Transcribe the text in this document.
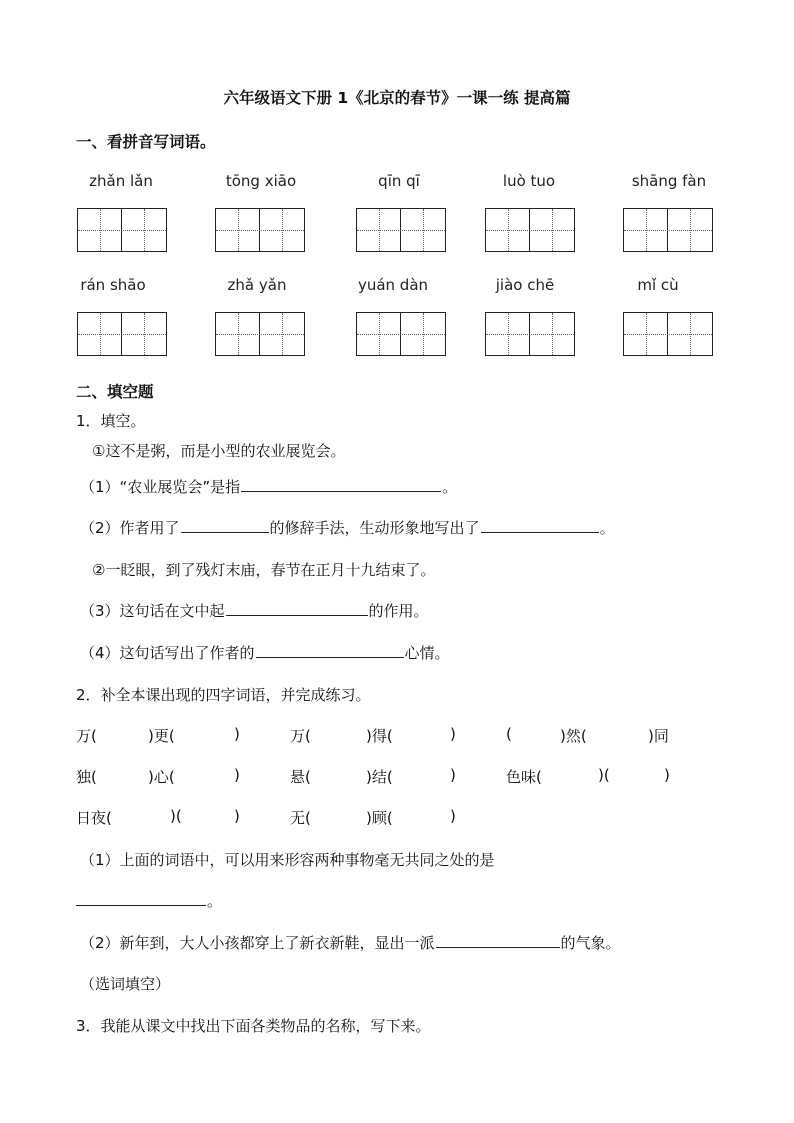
六年级语文下册 1《北京的春节》一课一练 提高篇
一、看拼音写词语。
zhǎn lǎn	tōng xiāo	qīn qī	luò tuo	shāng fàn
rán shāo	zhǎ yǎn	yuán dàn	jiào chē	mǐ cù
二、填空题
1．填空。
①这不是粥，而是小型的农业展览会。
（1）“农业展览会”是指	。
（2）作者用了	的修辞手法，生动形象地写出了	。
②一眨眼，到了残灯末庙，春节在正月十九结束了。
（3）这句话在文中起	的作用。
（4）这句话写出了作者的	心情。
2．补全本课出现的四字词语，并完成练习。
万(	)更(	)	万(	)得(	)	(	)然(	)同
独(	)心(	)	悬(	)结(	)	色味(	)(	)
日夜(	)(	)	无(	)顾(	)
（1）上面的词语中，可以用来形容两种事物毫无共同之处的是
。
（2）新年到，大人小孩都穿上了新衣新鞋，显出一派	的气象。
（选词填空）
3．我能从课文中找出下面各类物品的名称，写下来。
